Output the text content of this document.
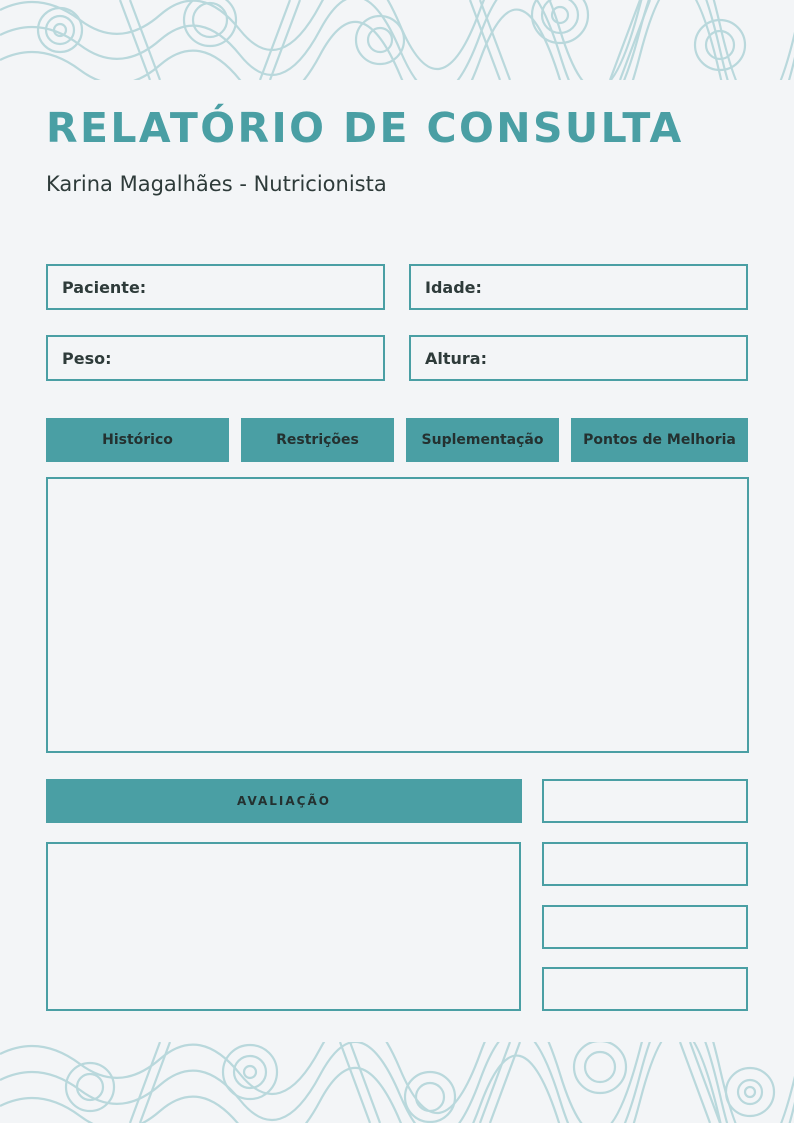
RELATÓRIO DE CONSULTA
Karina Magalhães - Nutricionista
Paciente:	Idade:
Peso:	Altura:
Histórico	Restrições	Suplementação	Pontos de Melhoria
AVALIAÇÃO
